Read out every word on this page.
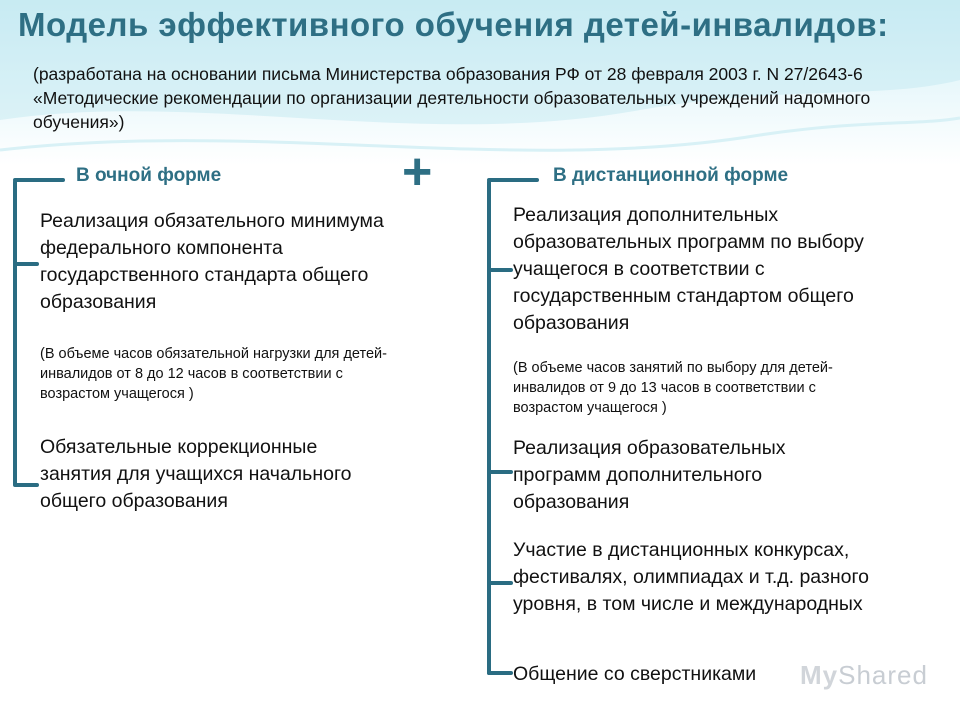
Модель эффективного обучения детей-инвалидов:
(разработана на основании письма Министерства образования РФ от 28 февраля 2003 г. N 27/2643-6 «Методические рекомендации по организации деятельности образовательных учреждений надомного обучения»)
В очной форме	+
Реализация обязательного минимума федерального компонента государственного стандарта общего образования
(В объеме часов обязательной нагрузки для детей-инвалидов от 8 до 12 часов в соответствии с возрастом учащегося )
Обязательные коррекционные занятия для учащихся начального общего образования
В дистанционной форме
Реализация дополнительных образовательных программ по выбору учащегося в соответствии с государственным стандартом общего образования
(В объеме часов занятий по выбору для детей-инвалидов от 9 до 13 часов в соответствии с возрастом учащегося )
Реализация образовательных программ дополнительного образования
Участие в дистанционных конкурсах, фестивалях, олимпиадах и т.д. разного уровня, в том числе и международных
Общение со сверстниками	MyShared
